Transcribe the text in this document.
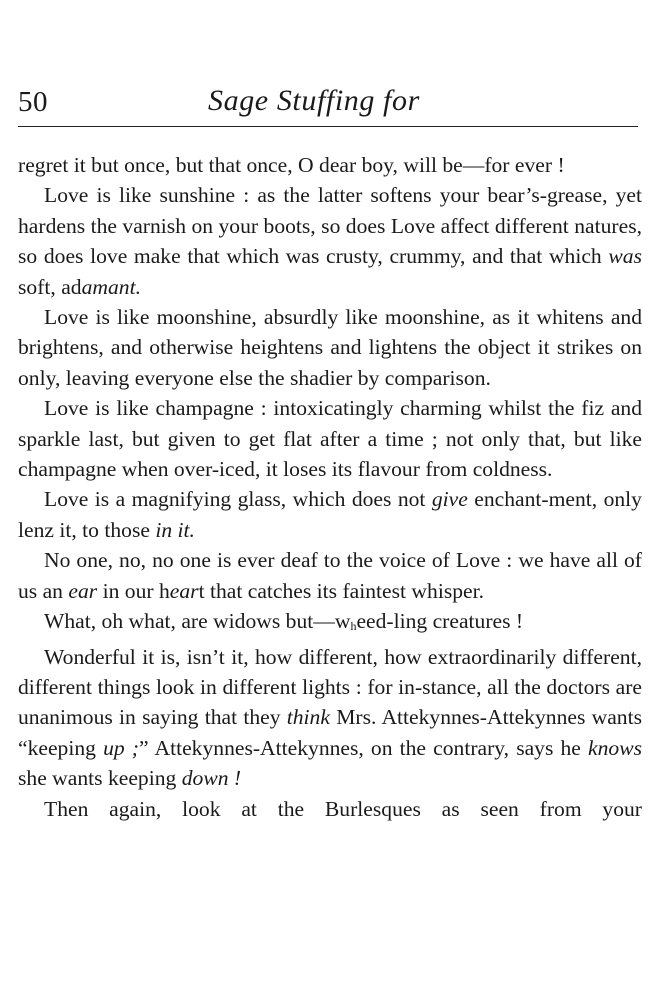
50	Sage Stuffing for

regret it but once, but that once, O dear boy, will be—for ever !

Love is like sunshine : as the latter softens your bear’s-grease, yet hardens the varnish on your boots, so does Love affect different natures, so does love make that which was crusty, crummy, and that which was soft, adamant.

Love is like moonshine, absurdly like moonshine, as it whitens and brightens, and otherwise heightens and lightens the object it strikes on only, leaving everyone else the shadier by comparison.

Love is like champagne : intoxicatingly charming whilst the fiz and sparkle last, but given to get flat after a time ; not only that, but like champagne when over-iced, it loses its flavour from coldness.

Love is a magnifying glass, which does not give enchant-ment, only lenz it, to those in it.

No one, no, no one is ever deaf to the voice of Love : we have all of us an ear in our heart that catches its faintest whisper.

What, oh what, are widows but—wheed-ling creatures !

Wonderful it is, isn’t it, how different, how extraordinarily different, different things look in different lights : for in-stance, all the doctors are unanimous in saying that they think Mrs. Attekynnes-Attekynnes wants “keeping up ;” Attekynnes-Attekynnes, on the contrary, says he knows she wants keeping down !

Then again, look at the Burlesques as seen from your
